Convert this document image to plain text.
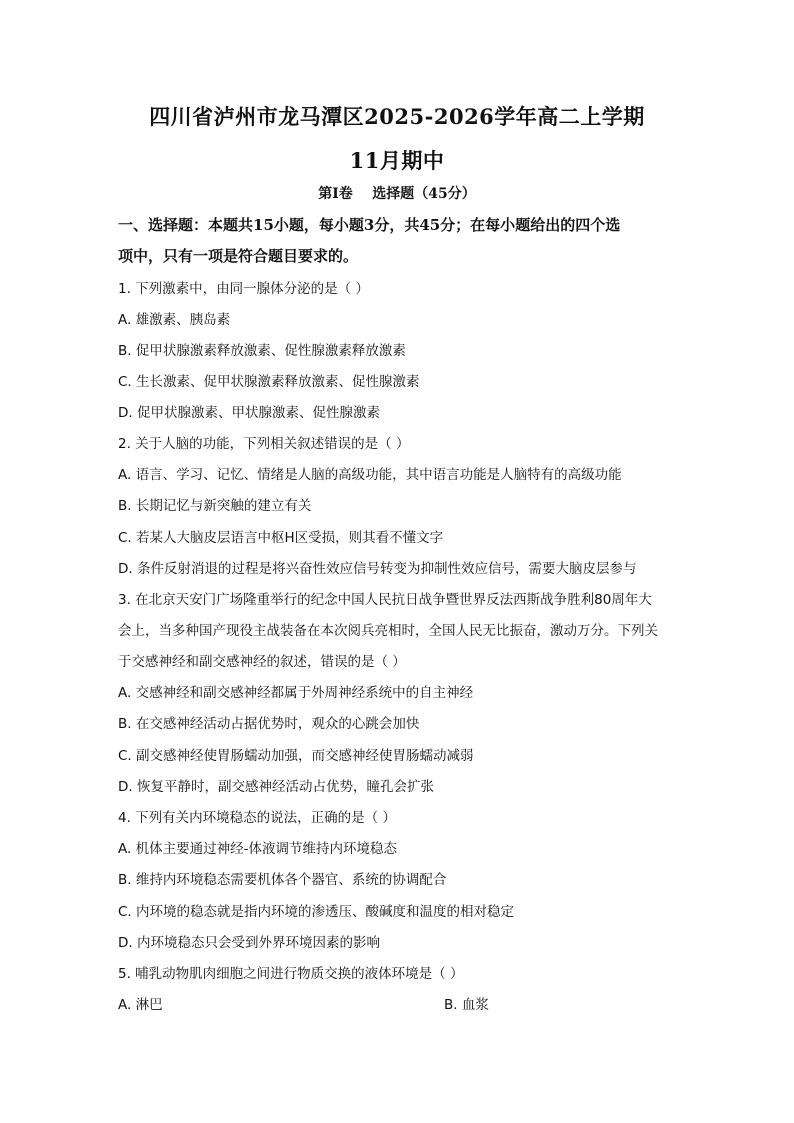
四川省泸州市龙马潭区2025-2026学年高二上学期
11月期中
第I卷    选择题（45分）
一、选择题：本题共15小题，每小题3分，共45分；在每小题给出的四个选
项中，只有一项是符合题目要求的。
1. 下列激素中，由同一腺体分泌的是（ ）
A. 雄激素、胰岛素
B. 促甲状腺激素释放激素、促性腺激素释放激素
C. 生长激素、促甲状腺激素释放激素、促性腺激素
D. 促甲状腺激素、甲状腺激素、促性腺激素
2. 关于人脑的功能，下列相关叙述错误的是（ ）
A. 语言、学习、记忆、情绪是人脑的高级功能，其中语言功能是人脑特有的高级功能
B. 长期记忆与新突触的建立有关
C. 若某人大脑皮层语言中枢H区受损，则其看不懂文字
D. 条件反射消退的过程是将兴奋性效应信号转变为抑制性效应信号，需要大脑皮层参与
3. 在北京天安门广场隆重举行的纪念中国人民抗日战争暨世界反法西斯战争胜利80周年大
会上，当多种国产现役主战装备在本次阅兵亮相时，全国人民无比振奋，激动万分。下列关
于交感神经和副交感神经的叙述，错误的是（ ）
A. 交感神经和副交感神经都属于外周神经系统中的自主神经
B. 在交感神经活动占据优势时，观众的心跳会加快
C. 副交感神经使胃肠蠕动加强，而交感神经使胃肠蠕动减弱
D. 恢复平静时，副交感神经活动占优势，瞳孔会扩张
4. 下列有关内环境稳态的说法，正确的是（ ）
A. 机体主要通过神经-体液调节维持内环境稳态
B. 维持内环境稳态需要机体各个器官、系统的协调配合
C. 内环境的稳态就是指内环境的渗透压、酸碱度和温度的相对稳定
D. 内环境稳态只会受到外界环境因素的影响
5. 哺乳动物肌肉细胞之间进行物质交换的液体环境是（ ）
A. 淋巴	B. 血浆
